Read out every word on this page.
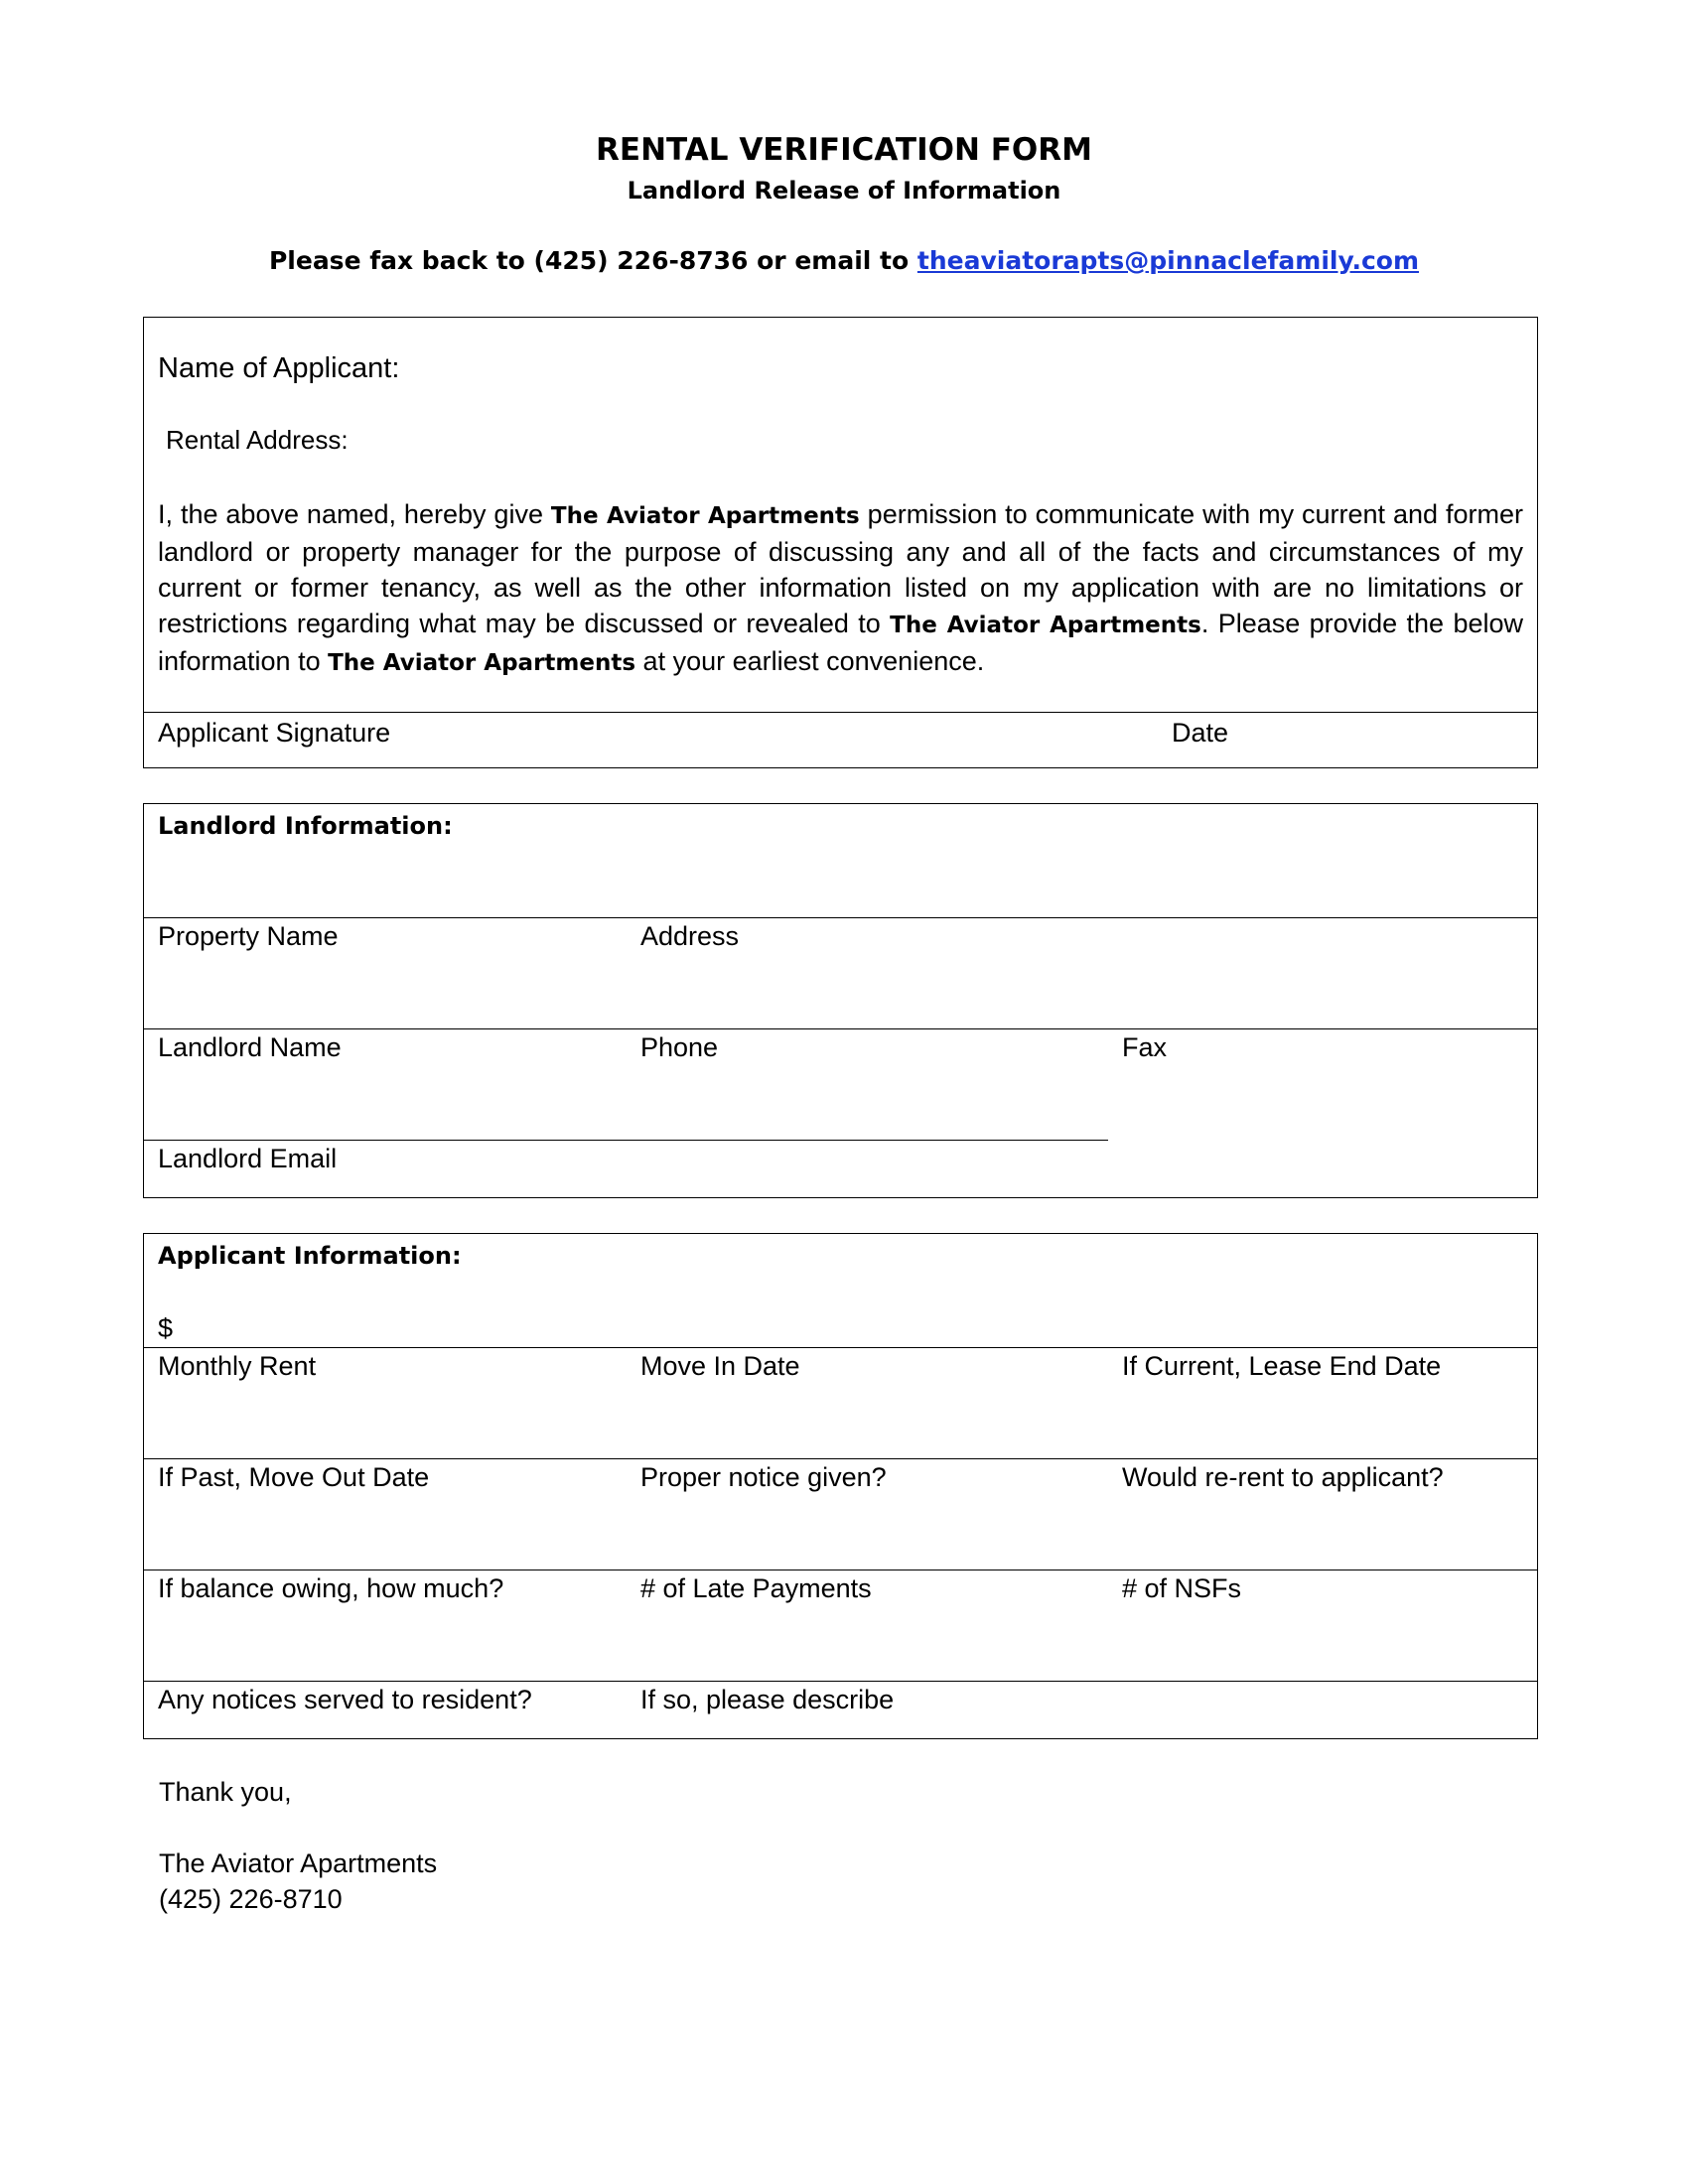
RENTAL VERIFICATION FORM
Landlord Release of Information
Please fax back to (425) 226-8736 or email to theaviatorapts@pinnaclefamily.com
Name of Applicant:
Rental Address:
I, the above named, hereby give The Aviator Apartments permission to communicate with my current and former landlord or property manager for the purpose of discussing any and all of the facts and circumstances of my current or former tenancy, as well as the other information listed on my application with are no limitations or restrictions regarding what may be discussed or revealed to The Aviator Apartments. Please provide the below information to The Aviator Apartments at your earliest convenience.
Applicant Signature	Date
Landlord Information:
Property Name	Address
Landlord Name	Phone	Fax
Landlord Email
Applicant Information:
$
Monthly Rent	Move In Date	If Current, Lease End Date
If Past, Move Out Date	Proper notice given?	Would re-rent to applicant?
If balance owing, how much?	# of Late Payments	# of NSFs
Any notices served to resident?	If so, please describe
Thank you,
The Aviator Apartments
(425) 226-8710
